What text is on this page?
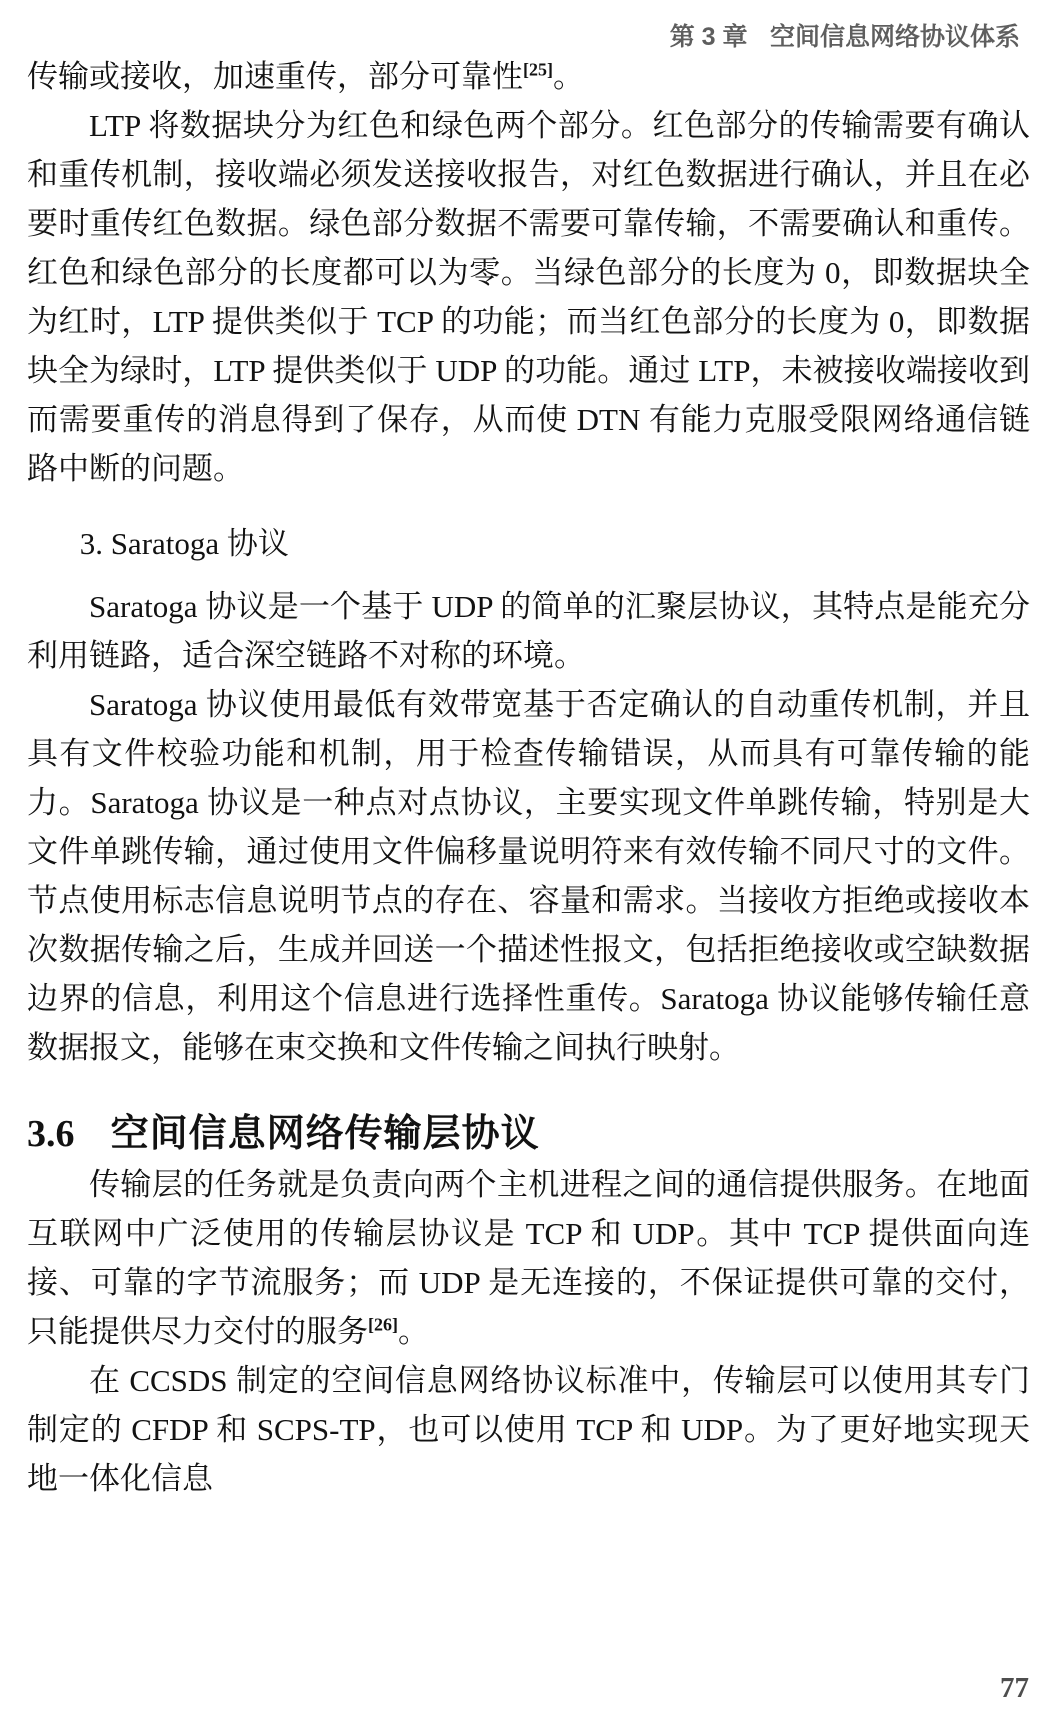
第 3 章 空间信息网络协议体系

传输或接收，加速重传，部分可靠性[25]。

LTP 将数据块分为红色和绿色两个部分。红色部分的传输需要有确认和重传机制，接收端必须发送接收报告，对红色数据进行确认，并且在必要时重传红色数据。绿色部分数据不需要可靠传输，不需要确认和重传。红色和绿色部分的长度都可以为零。当绿色部分的长度为 0，即数据块全为红时，LTP 提供类似于 TCP 的功能；而当红色部分的长度为 0，即数据块全为绿时，LTP 提供类似于 UDP 的功能。通过 LTP，未被接收端接收到而需要重传的消息得到了保存，从而使 DTN 有能力克服受限网络通信链路中断的问题。

3. Saratoga 协议

Saratoga 协议是一个基于 UDP 的简单的汇聚层协议，其特点是能充分利用链路，适合深空链路不对称的环境。

Saratoga 协议使用最低有效带宽基于否定确认的自动重传机制，并且具有文件校验功能和机制，用于检查传输错误，从而具有可靠传输的能力。Saratoga 协议是一种点对点协议，主要实现文件单跳传输，特别是大文件单跳传输，通过使用文件偏移量说明符来有效传输不同尺寸的文件。节点使用标志信息说明节点的存在、容量和需求。当接收方拒绝或接收本次数据传输之后，生成并回送一个描述性报文，包括拒绝接收或空缺数据边界的信息，利用这个信息进行选择性重传。Saratoga 协议能够传输任意数据报文，能够在束交换和文件传输之间执行映射。

3.6 空间信息网络传输层协议

传输层的任务就是负责向两个主机进程之间的通信提供服务。在地面互联网中广泛使用的传输层协议是 TCP 和 UDP。其中 TCP 提供面向连接、可靠的字节流服务；而 UDP 是无连接的，不保证提供可靠的交付，只能提供尽力交付的服务[26]。

在 CCSDS 制定的空间信息网络协议标准中，传输层可以使用其专门制定的 CFDP 和 SCPS-TP，也可以使用 TCP 和 UDP。为了更好地实现天地一体化信息

77
